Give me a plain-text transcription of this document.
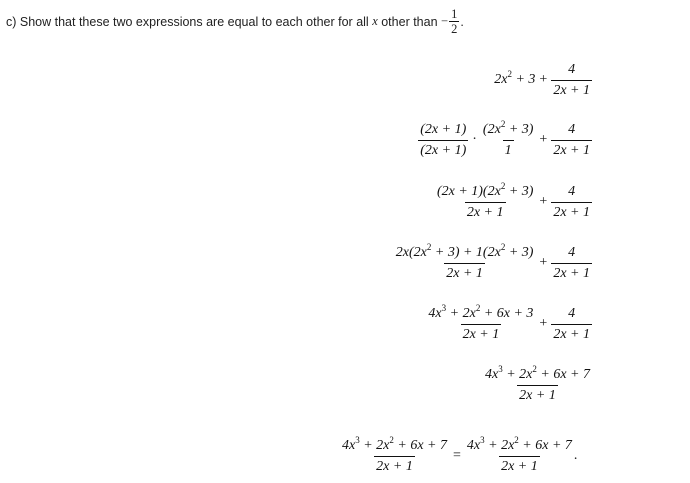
c) Show that these two expressions are equal to each other for all
x
other than
− $\frac{1}{2}$ .
$2x^2 + 3 + \frac{4}{2x + 1}$
$\frac{(2x + 1)}{(2x + 1)} \cdot \frac{(2x^2 + 3)}{1} + \frac{4}{2x + 1}$
$\frac{(2x + 1)(2x^2 + 3)}{2x + 1} + \frac{4}{2x + 1}$
$\frac{2x(2x^2 + 3) + 1(2x^2 + 3)}{2x + 1} + \frac{4}{2x + 1}$
$\frac{4x^3 + 2x^2 + 6x + 3}{2x + 1} + \frac{4}{2x + 1}$
$\frac{4x^3 + 2x^2 + 6x + 7}{2x + 1}$
$\frac{4x^3 + 2x^2 + 6x + 7}{2x + 1} = \frac{4x^3 + 2x^2 + 6x + 7}{2x + 1}$ .
